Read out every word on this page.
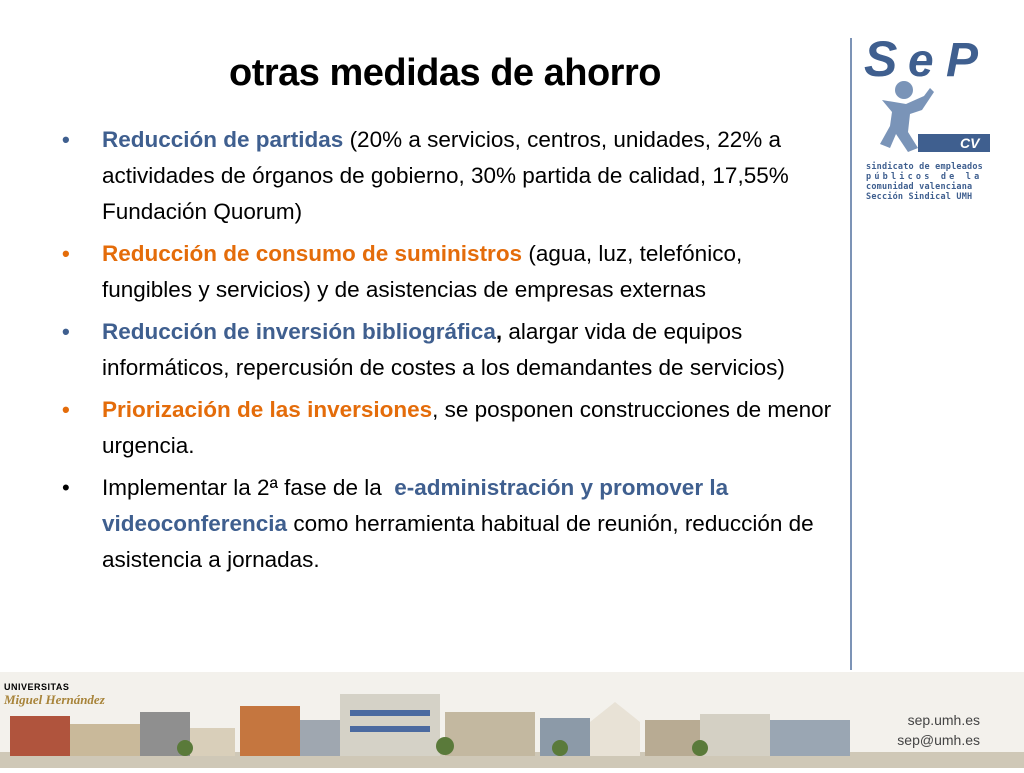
otras medidas de ahorro
• Reducción de partidas (20% a servicios, centros, unidades, 22% a actividades de órganos de gobierno, 30% partida de calidad, 17,55% Fundación Quorum)
• Reducción de consumo de suministros (agua, luz, telefónico, fungibles y servicios) y de asistencias de empresas externas
• Reducción de inversión bibliográfica, alargar vida de equipos informáticos, repercusión de costes a los demandantes de servicios)
• Priorización de las inversiones, se posponen construcciones de menor urgencia.
• Implementar la 2ª fase de la  e-administración y promover la videoconferencia como herramienta habitual de reunión, reducción de asistencia a jornadas.
S e P
CV
sindicato de empleados
públicos de la
comunidad valenciana
Sección Sindical UMH
UNIVERSITAS
Miguel Hernández
sep.umh.es
sep@umh.es
